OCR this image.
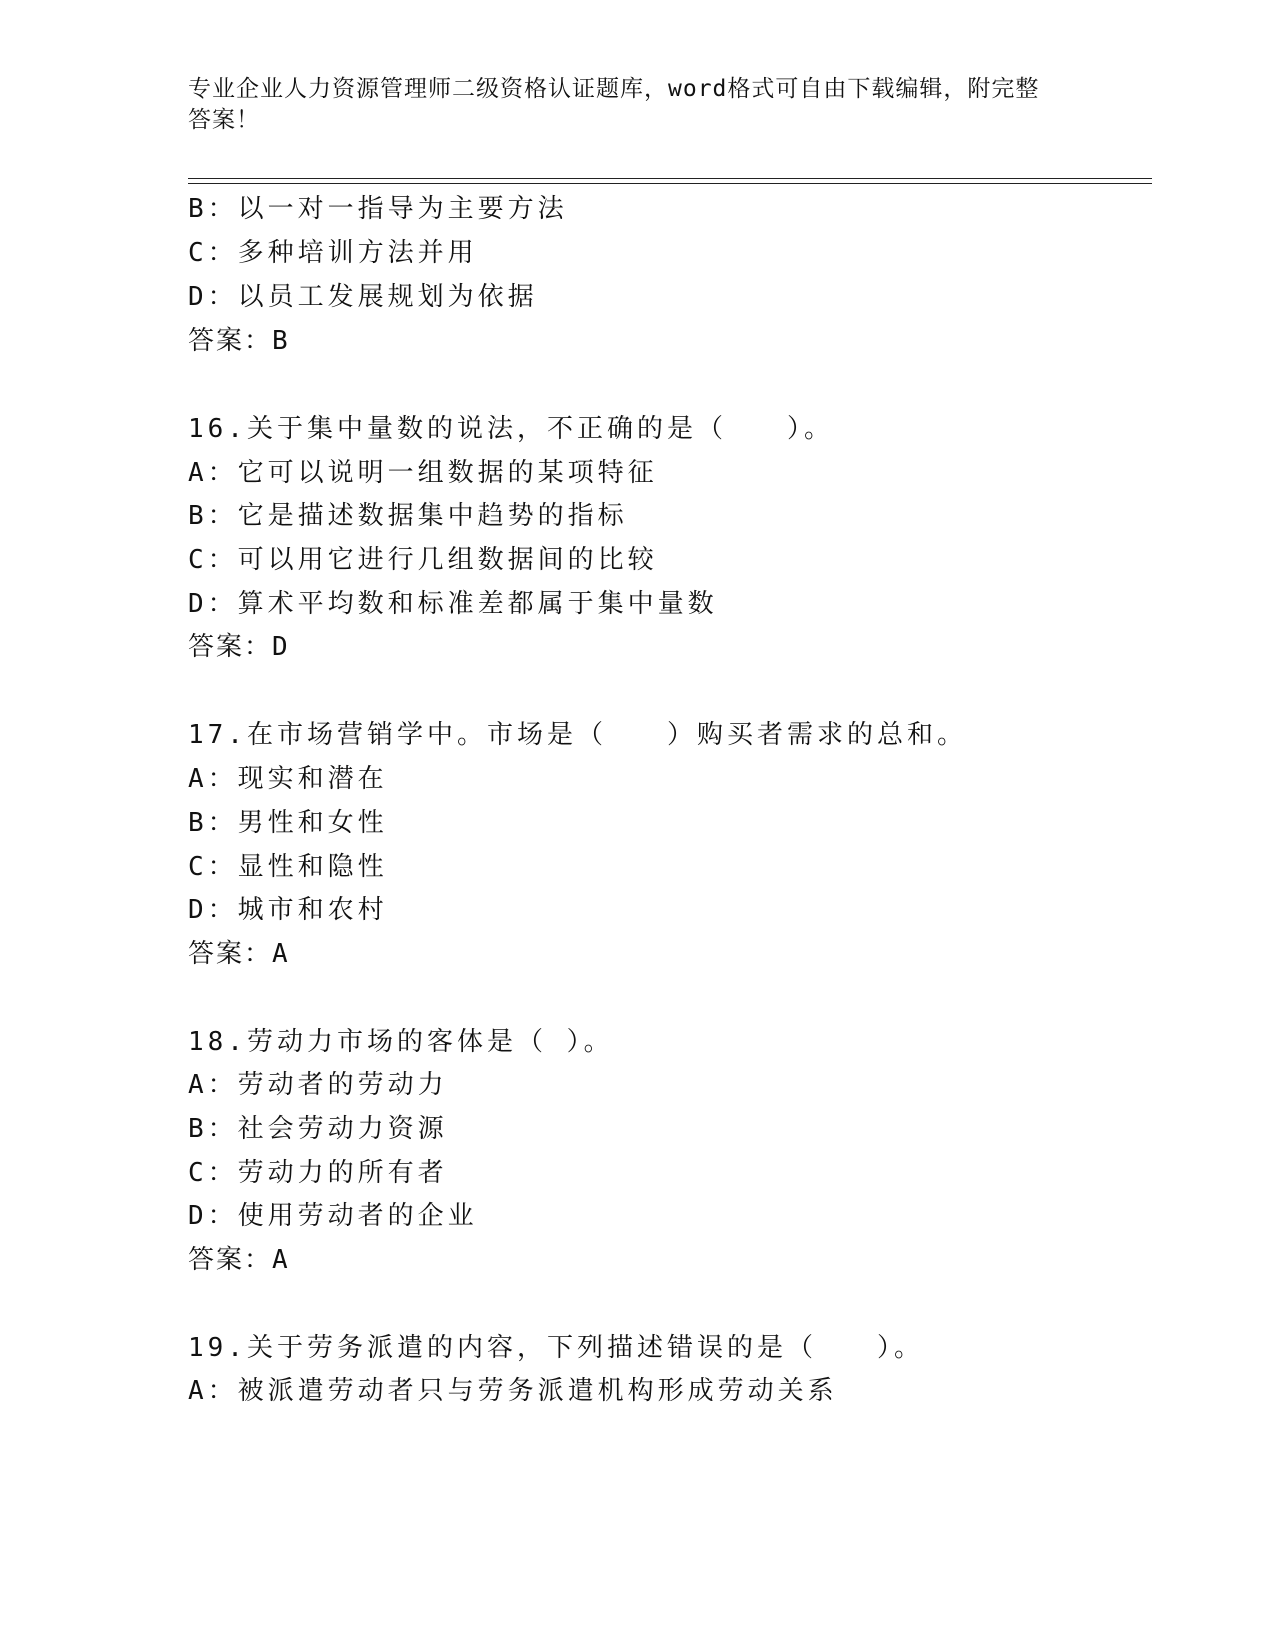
专业企业人力资源管理师二级资格认证题库，word格式可自由下载编辑，附完整
答案！
B：以一对一指导为主要方法
C：多种培训方法并用
D：以员工发展规划为依据
答案：B
16.关于集中量数的说法，不正确的是（　　）。
A：它可以说明一组数据的某项特征
B：它是描述数据集中趋势的指标
C：可以用它进行几组数据间的比较
D：算术平均数和标准差都属于集中量数
答案：D
17.在市场营销学中。市场是（　　）购买者需求的总和。
A：现实和潜在
B：男性和女性
C：显性和隐性
D：城市和农村
答案：A
18.劳动力市场的客体是（ ）。
A：劳动者的劳动力
B：社会劳动力资源
C：劳动力的所有者
D：使用劳动者的企业
答案：A
19.关于劳务派遣的内容，下列描述错误的是（　　）。
A：被派遣劳动者只与劳务派遣机构形成劳动关系
